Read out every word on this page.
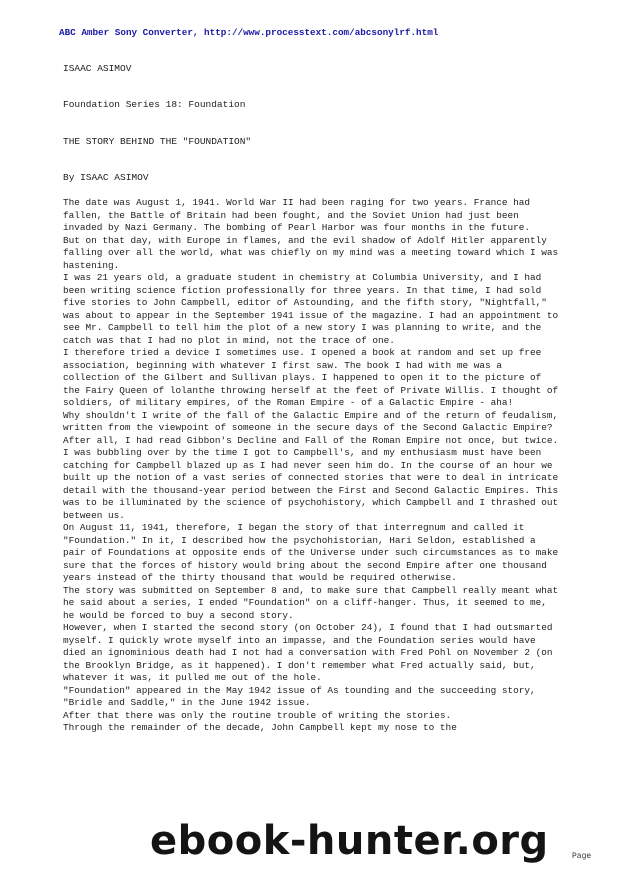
ABC Amber Sony Converter, http://www.processtext.com/abcsonylrf.html
ISAAC ASIMOV
Foundation Series 18: Foundation
THE STORY BEHIND THE "FOUNDATION"
By ISAAC ASIMOV

The date was August 1, 1941. World War II had been raging for two years. France had fallen, the Battle of Britain had been fought, and the Soviet Union had just been invaded by Nazi Germany. The bombing of Pearl Harbor was four months in the future.

But on that day, with Europe in flames, and the evil shadow of Adolf Hitler apparently falling over all the world, what was chiefly on my mind was a meeting toward which I was hastening.

I was 21 years old, a graduate student in chemistry at Columbia University, and I had been writing science fiction professionally for three years. In that time, I had sold five stories to John Campbell, editor of Astounding, and the fifth story, "Nightfall," was about to appear in the September 1941 issue of the magazine. I had an appointment to see Mr. Campbell to tell him the plot of a new story I was planning to write, and the catch was that I had no plot in mind, not the trace of one.

I therefore tried a device I sometimes use. I opened a book at random and set up free association, beginning with whatever I first saw. The book I had with me was a collection of the Gilbert and Sullivan plays. I happened to open it to the picture of the Fairy Queen of lolanthe throwing herself at the feet of Private Willis. I thought of soldiers, of military empires, of the Roman Empire - of a Galactic Empire - aha!

Why shouldn't I write of the fall of the Galactic Empire and of the return of feudalism, written from the viewpoint of someone in the secure days of the Second Galactic Empire? After all, I had read Gibbon's Decline and Fall of the Roman Empire not once, but twice.

I was bubbling over by the time I got to Campbell's, and my enthusiasm must have been catching for Campbell blazed up as I had never seen him do. In the course of an hour we built up the notion of a vast series of connected stories that were to deal in intricate detail with the thousand-year period between the First and Second Galactic Empires. This was to be illuminated by the science of psychohistory, which Campbell and I thrashed out between us.

On August 11, 1941, therefore, I began the story of that interregnum and called it "Foundation." In it, I described how the psychohistorian, Hari Seldon, established a pair of Foundations at opposite ends of the Universe under such circumstances as to make sure that the forces of history would bring about the second Empire after one thousand years instead of the thirty thousand that would be required otherwise.

The story was submitted on September 8 and, to make sure that Campbell really meant what he said about a series, I ended "Foundation" on a cliff-hanger. Thus, it seemed to me, he would be forced to buy a second story.

However, when I started the second story (on October 24), I found that I had outsmarted myself. I quickly wrote myself into an impasse, and the Foundation series would have died an ignominious death had I not had a conversation with Fred Pohl on November 2 (on the Brooklyn Bridge, as it happened). I don't remember what Fred actually said, but, whatever it was, it pulled me out of the hole.

"Foundation" appeared in the May 1942 issue of As tounding and the succeeding story, "Bridle and Saddle," in the June 1942 issue.

After that there was only the routine trouble of writing the stories.

Through the remainder of the decade, John Campbell kept my nose to the

ebook-hunter.org	Page
